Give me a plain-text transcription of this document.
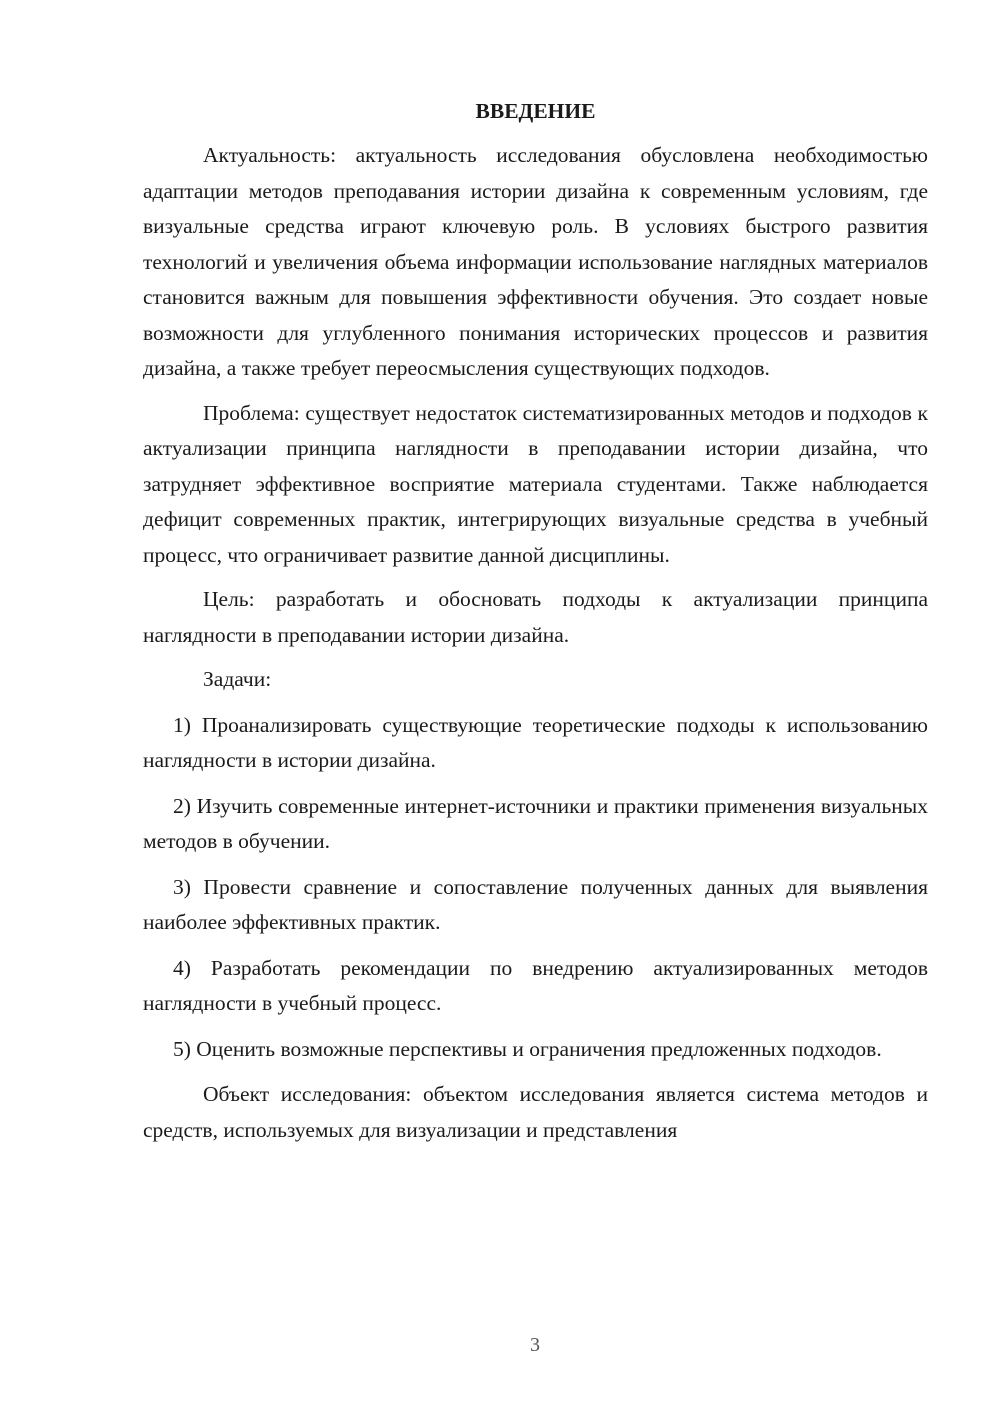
ВВЕДЕНИЕ

Актуальность: актуальность исследования обусловлена необходимостью адаптации методов преподавания истории дизайна к современным условиям, где визуальные средства играют ключевую роль. В условиях быстрого развития технологий и увеличения объема информации использование наглядных материалов становится важным для повышения эффективности обучения. Это создает новые возможности для углубленного понимания исторических процессов и развития дизайна, а также требует переосмысления существующих подходов.

Проблема: существует недостаток систематизированных методов и подходов к актуализации принципа наглядности в преподавании истории дизайна, что затрудняет эффективное восприятие материала студентами. Также наблюдается дефицит современных практик, интегрирующих визуальные средства в учебный процесс, что ограничивает развитие данной дисциплины.

Цель: разработать и обосновать подходы к актуализации принципа наглядности в преподавании истории дизайна.

Задачи:

1) Проанализировать существующие теоретические подходы к использованию наглядности в истории дизайна.

2) Изучить современные интернет-источники и практики применения визуальных методов в обучении.

3) Провести сравнение и сопоставление полученных данных для выявления наиболее эффективных практик.

4) Разработать рекомендации по внедрению актуализированных методов наглядности в учебный процесс.

5) Оценить возможные перспективы и ограничения предложенных подходов.

Объект исследования: объектом исследования является система методов и средств, используемых для визуализации и представления

3
